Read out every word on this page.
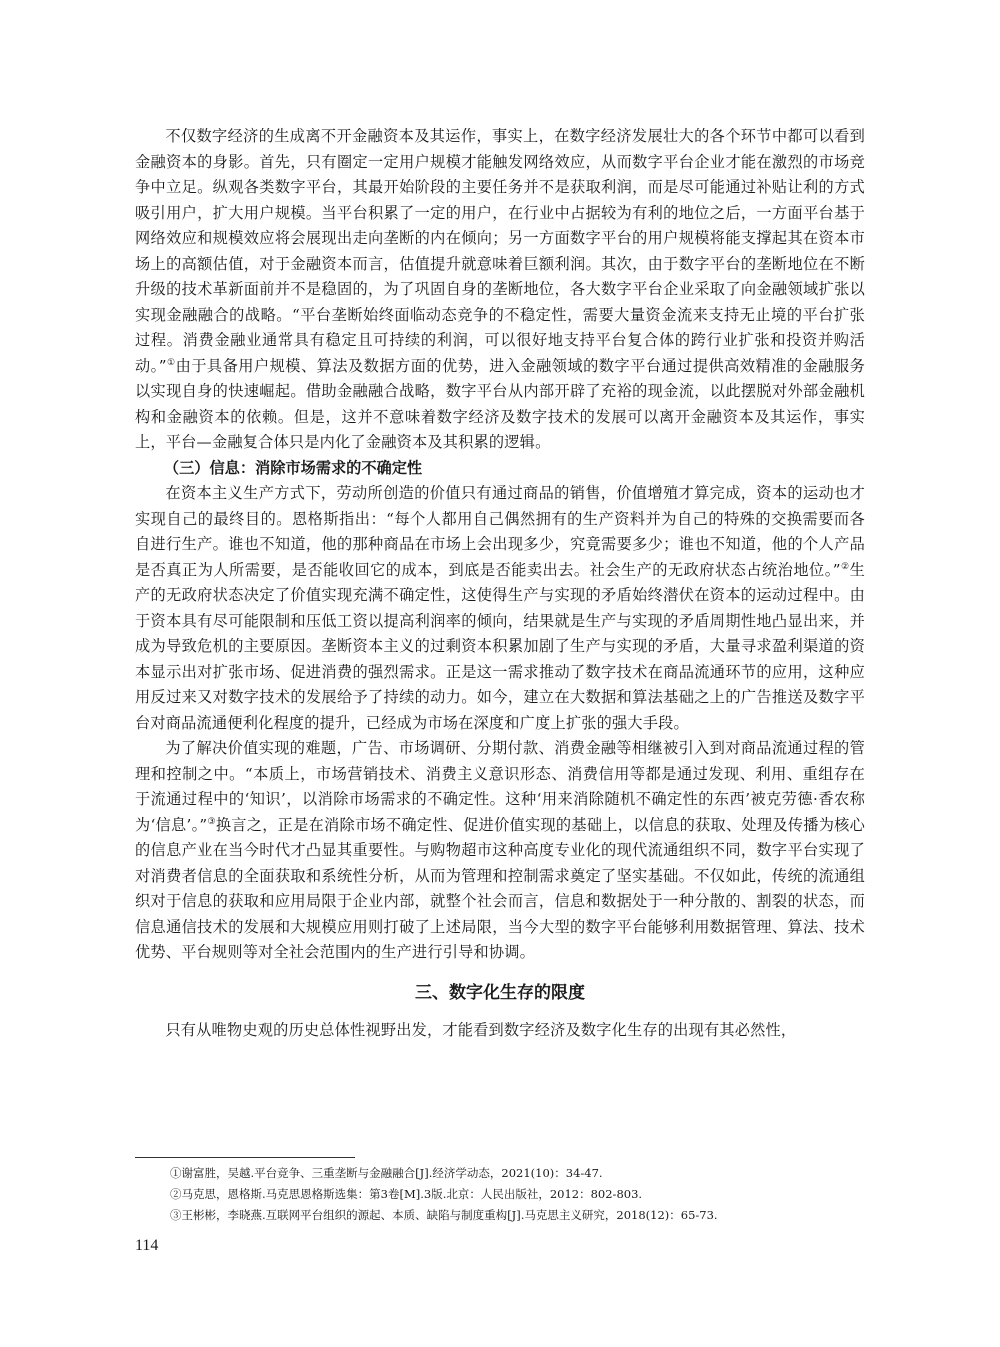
不仅数字经济的生成离不开金融资本及其运作，事实上，在数字经济发展壮大的各个环节中都可以看到金融资本的身影。首先，只有圈定一定用户规模才能触发网络效应，从而数字平台企业才能在激烈的市场竞争中立足。纵观各类数字平台，其最开始阶段的主要任务并不是获取利润，而是尽可能通过补贴让利的方式吸引用户，扩大用户规模。当平台积累了一定的用户，在行业中占据较为有利的地位之后，一方面平台基于网络效应和规模效应将会展现出走向垄断的内在倾向；另一方面数字平台的用户规模将能支撑起其在资本市场上的高额估值，对于金融资本而言，估值提升就意味着巨额利润。其次，由于数字平台的垄断地位在不断升级的技术革新面前并不是稳固的，为了巩固自身的垄断地位，各大数字平台企业采取了向金融领域扩张以实现金融融合的战略。“平台垄断始终面临动态竞争的不稳定性，需要大量资金流来支持无止境的平台扩张过程。消费金融业通常具有稳定且可持续的利润，可以很好地支持平台复合体的跨行业扩张和投资并购活动。”①由于具备用户规模、算法及数据方面的优势，进入金融领域的数字平台通过提供高效精准的金融服务以实现自身的快速崛起。借助金融融合战略，数字平台从内部开辟了充裕的现金流，以此摆脱对外部金融机构和金融资本的依赖。但是，这并不意味着数字经济及数字技术的发展可以离开金融资本及其运作，事实上，平台—金融复合体只是内化了金融资本及其积累的逻辑。

（三）信息：消除市场需求的不确定性

在资本主义生产方式下，劳动所创造的价值只有通过商品的销售，价值增殖才算完成，资本的运动也才实现自己的最终目的。恩格斯指出：“每个人都用自己偶然拥有的生产资料并为自己的特殊的交换需要而各自进行生产。谁也不知道，他的那种商品在市场上会出现多少，究竟需要多少；谁也不知道，他的个人产品是否真正为人所需要，是否能收回它的成本，到底是否能卖出去。社会生产的无政府状态占统治地位。”②生产的无政府状态决定了价值实现充满不确定性，这使得生产与实现的矛盾始终潜伏在资本的运动过程中。由于资本具有尽可能限制和压低工资以提高利润率的倾向，结果就是生产与实现的矛盾周期性地凸显出来，并成为导致危机的主要原因。垄断资本主义的过剩资本积累加剧了生产与实现的矛盾，大量寻求盈利渠道的资本显示出对扩张市场、促进消费的强烈需求。正是这一需求推动了数字技术在商品流通环节的应用，这种应用反过来又对数字技术的发展给予了持续的动力。如今，建立在大数据和算法基础之上的广告推送及数字平台对商品流通便利化程度的提升，已经成为市场在深度和广度上扩张的强大手段。

为了解决价值实现的难题，广告、市场调研、分期付款、消费金融等相继被引入到对商品流通过程的管理和控制之中。“本质上，市场营销技术、消费主义意识形态、消费信用等都是通过发现、利用、重组存在于流通过程中的‘知识’，以消除市场需求的不确定性。这种‘用来消除随机不确定性的东西’被克劳德·香农称为‘信息’。”③换言之，正是在消除市场不确定性、促进价值实现的基础上，以信息的获取、处理及传播为核心的信息产业在当今时代才凸显其重要性。与购物超市这种高度专业化的现代流通组织不同，数字平台实现了对消费者信息的全面获取和系统性分析，从而为管理和控制需求奠定了坚实基础。不仅如此，传统的流通组织对于信息的获取和应用局限于企业内部，就整个社会而言，信息和数据处于一种分散的、割裂的状态，而信息通信技术的发展和大规模应用则打破了上述局限，当今大型的数字平台能够利用数据管理、算法、技术优势、平台规则等对全社会范围内的生产进行引导和协调。

三、数字化生存的限度

只有从唯物史观的历史总体性视野出发，才能看到数字经济及数字化生存的出现有其必然性，

①谢富胜，吴越.平台竞争、三重垄断与金融融合[J].经济学动态，2021(10)：34-47.

②马克思，恩格斯.马克思恩格斯选集：第3卷[M].3版.北京：人民出版社，2012：802-803.

③王彬彬，李晓燕.互联网平台组织的源起、本质、缺陷与制度重构[J].马克思主义研究，2018(12)：65-73.

114
